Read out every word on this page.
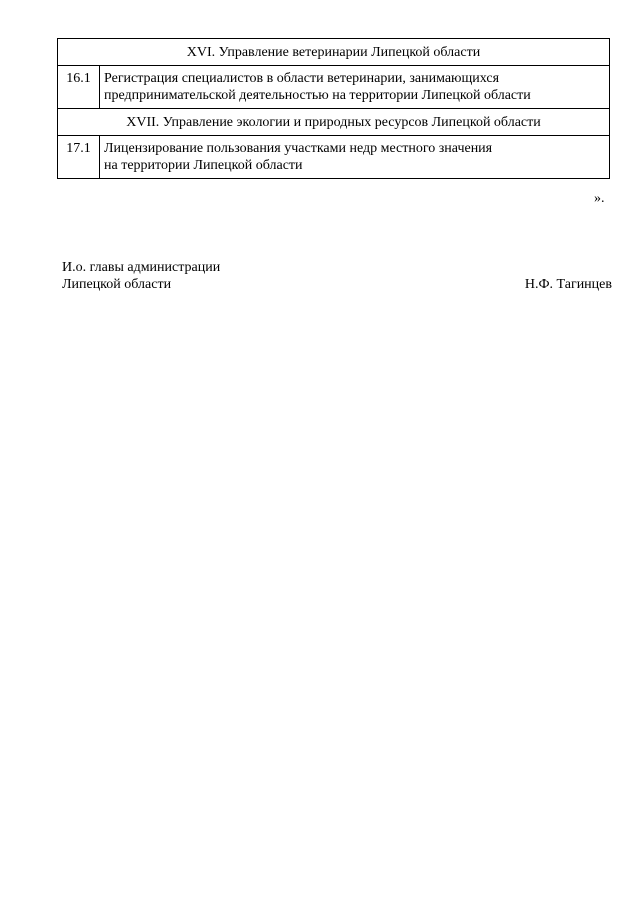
XVI. Управление ветеринарии Липецкой области	
16.1	Регистрация специалистов в области ветеринарии, занимающихся
предпринимательской деятельностью на территории Липецкой области

XVII. Управление экологии и природных ресурсов Липецкой области	
17.1	Лицензирование пользования участками недр местного значения
на территории Липецкой области
».
И.о. главы администрации
Липецкой области	Н.Ф. Тагинцев
